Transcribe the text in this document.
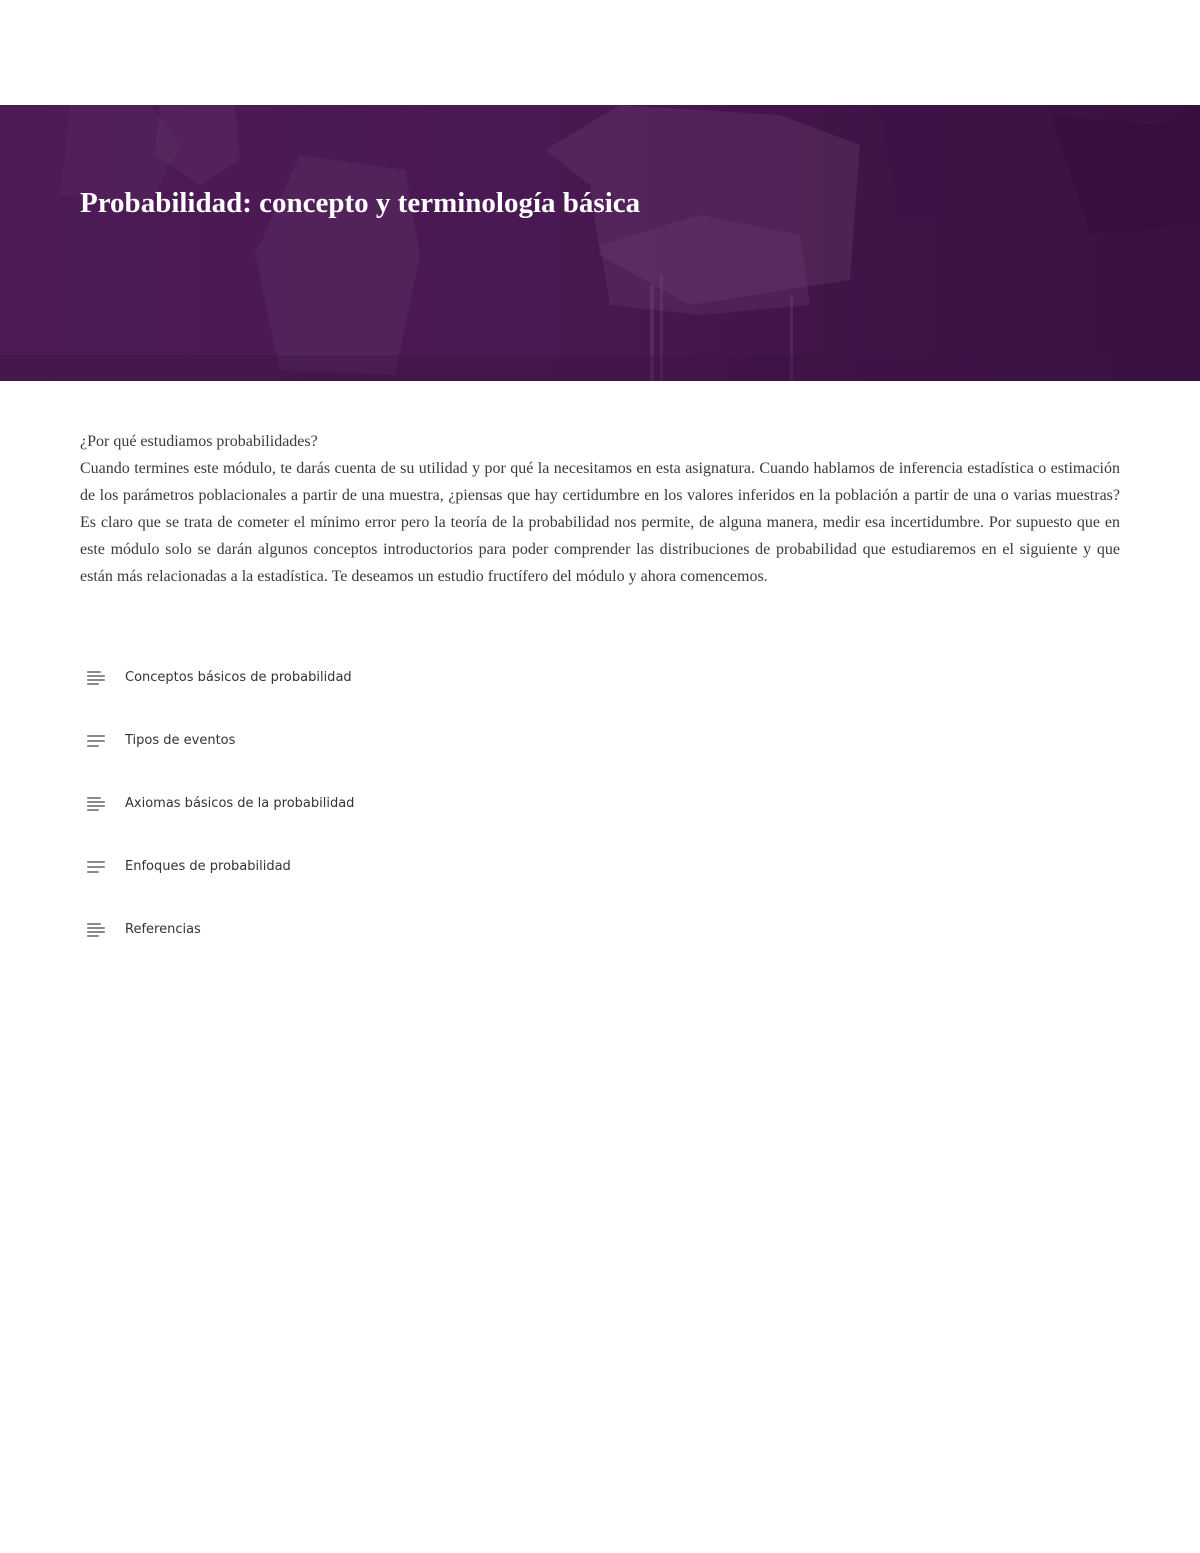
Probabilidad: concepto y terminología básica

¿Por qué estudiamos probabilidades?

Cuando termines este módulo, te darás cuenta de su utilidad y por qué la necesitamos en esta asignatura. Cuando hablamos de inferencia estadística o estimación de los parámetros poblacionales a partir de una muestra, ¿piensas que hay certidumbre en los valores inferidos en la población a partir de una o varias muestras? Es claro que se trata de cometer el mínimo error pero la teoría de la probabilidad nos permite, de alguna manera, medir esa incertidumbre. Por supuesto que en este módulo solo se darán algunos conceptos introductorios para poder comprender las distribuciones de probabilidad que estudiaremos en el siguiente y que están más relacionadas a la estadística. Te deseamos un estudio fructífero del módulo y ahora comencemos.

Conceptos básicos de probabilidad
Tipos de eventos
Axiomas básicos de la probabilidad
Enfoques de probabilidad
Referencias
